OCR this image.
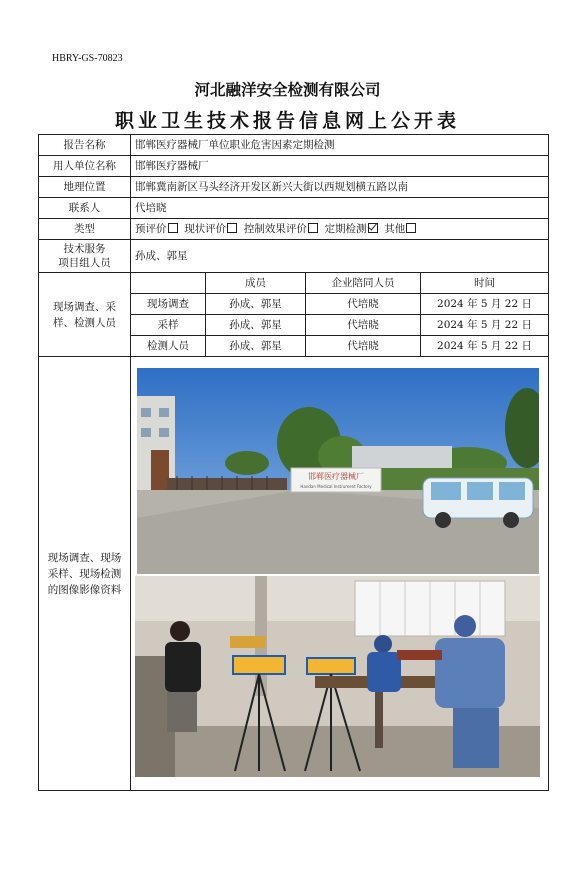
HBRY-GS-70823
河北融洋安全检测有限公司
职业卫生技术报告信息网上公开表
报告名称	邯郸医疗器械厂单位职业危害因素定期检测			
用人单位名称	邯郸医疗器械厂			
地理位置	邯郸冀南新区马头经济开发区新兴大街以西规划横五路以南			
联系人	代培晓			
类型	预评价 现状评价 控制效果评价 定期检测 其他			

技术服务
项目组人员	孙成、郭星			
现场调查、采样、检测人员		成员	企业陪同人员	时间
	现场调查	孙成、郭星	代培晓	2024 年 5 月 22 日
	采样	孙成、郭星	代培晓	2024 年 5 月 22 日
	检测人员	孙成、郭星	代培晓	2024 年 5 月 22 日
现场调查、现场采样、现场检测的图像影像资料	邯郸医疗器械厂
Handan Medical Instrument Factory			
